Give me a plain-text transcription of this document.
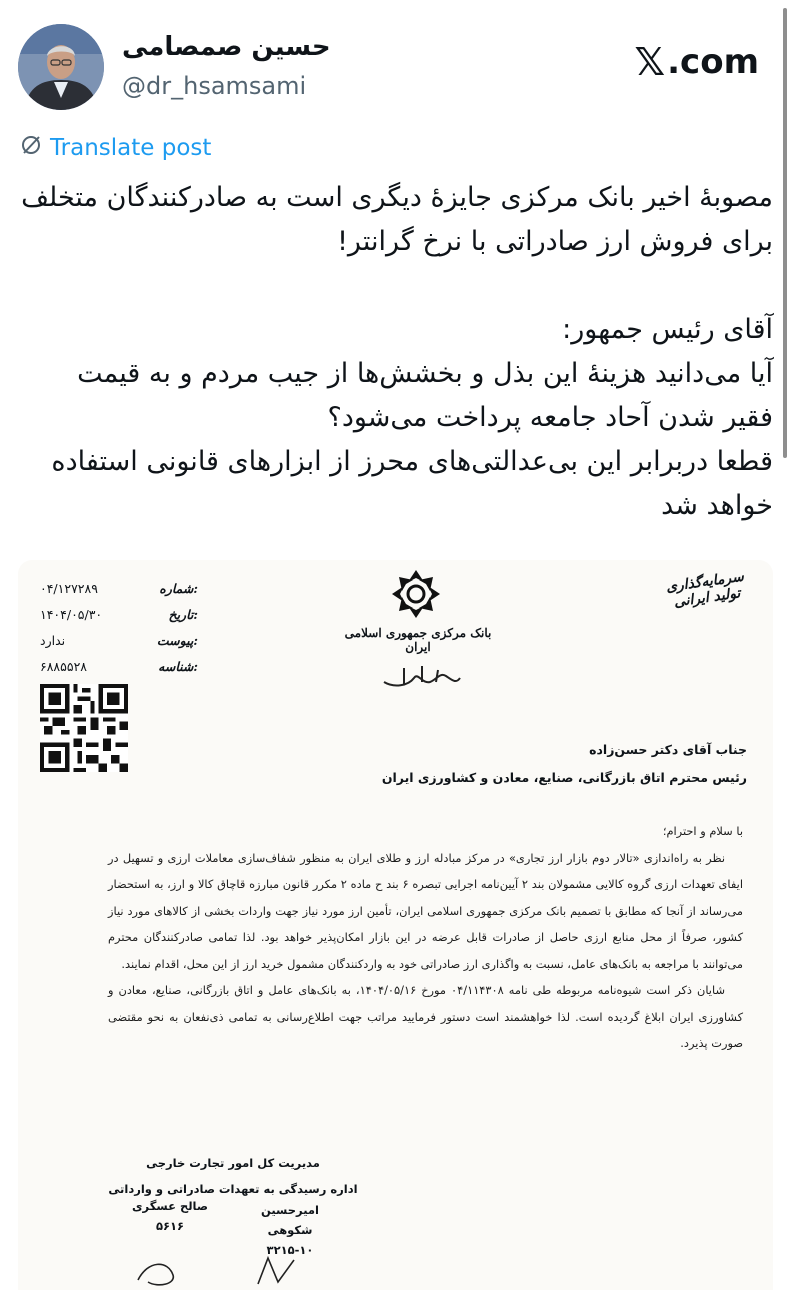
حسین صمصامی
@dr_hsamsami
𝕏 .com
Translate post

مصوبهٔ اخیر بانک مرکزی جایزهٔ دیگری است به صادرکنندگان متخلف برای فروش ارز صادراتی با نرخ گرانتر!

آقای رئیس جمهور:

آیا می‌دانید هزینهٔ این بذل و بخشش‌ها از جیب مردم و به قیمت فقیر شدن آحاد جامعه پرداخت می‌شود؟

قطعا دربرابر این بی‌عدالتی‌های محرز از ابزارهای قانونی استفاده خواهد شد

۰۴/۱۲۷۲۸۹	شماره:
۱۴۰۴/۰۵/۳۰	تاریخ:
ندارد	پیوست:
۶۸۸۵۵۲۸	شناسه:
بانک مرکزی جمهوری اسلامی ایران
سرمایه‌گذاری تولید ایرانی
جناب آقای دکتر حسن‌زاده
رئیس محترم اتاق بازرگانی، صنایع، معادن و کشاورزی ایران

با سلام و احترام؛

نظر به راه‌اندازی «تالار دوم بازار ارز تجاری» در مرکز مبادله ارز و طلای ایران به منظور شفاف‌سازی معاملات ارزی و تسهیل در ایفای تعهدات ارزی گروه کالایی مشمولان بند ۲ آیین‌نامه اجرایی تبصره ۶ بند ح ماده ۲ مکرر قانون مبارزه قاچاق کالا و ارز، به استحضار می‌رساند از آنجا که مطابق با تصمیم بانک مرکزی جمهوری اسلامی ایران، تأمین ارز مورد نیاز جهت واردات بخشی از کالاهای مورد نیاز کشور، صرفاً از محل منابع ارزی حاصل از صادرات قابل عرضه در این بازار امکان‌پذیر خواهد بود. لذا تمامی صادرکنندگان محترم می‌توانند با مراجعه به بانک‌های عامل، نسبت به واگذاری ارز صادراتی خود به واردکنندگان مشمول خرید ارز از این محل، اقدام نمایند.

شایان ذکر است شیوه‌نامه مربوطه طی نامه ۰۴/۱۱۴۳۰۸ مورخ ۱۴۰۴/۰۵/۱۶، به بانک‌های عامل و اتاق بازرگانی، صنایع، معادن و کشاورزی ایران ابلاغ گردیده است. لذا خواهشمند است دستور فرمایید مراتب جهت اطلاع‌رسانی به تمامی ذی‌نفعان به نحو مقتضی صورت پذیرد.

مدیریت کل امور تجارت خارجی
اداره رسیدگی به تعهدات صادراتی و وارداتی
امیرحسین شکوهی
۳۲۱۵-۱۰
صالح عسگری
۵۶۱۶
